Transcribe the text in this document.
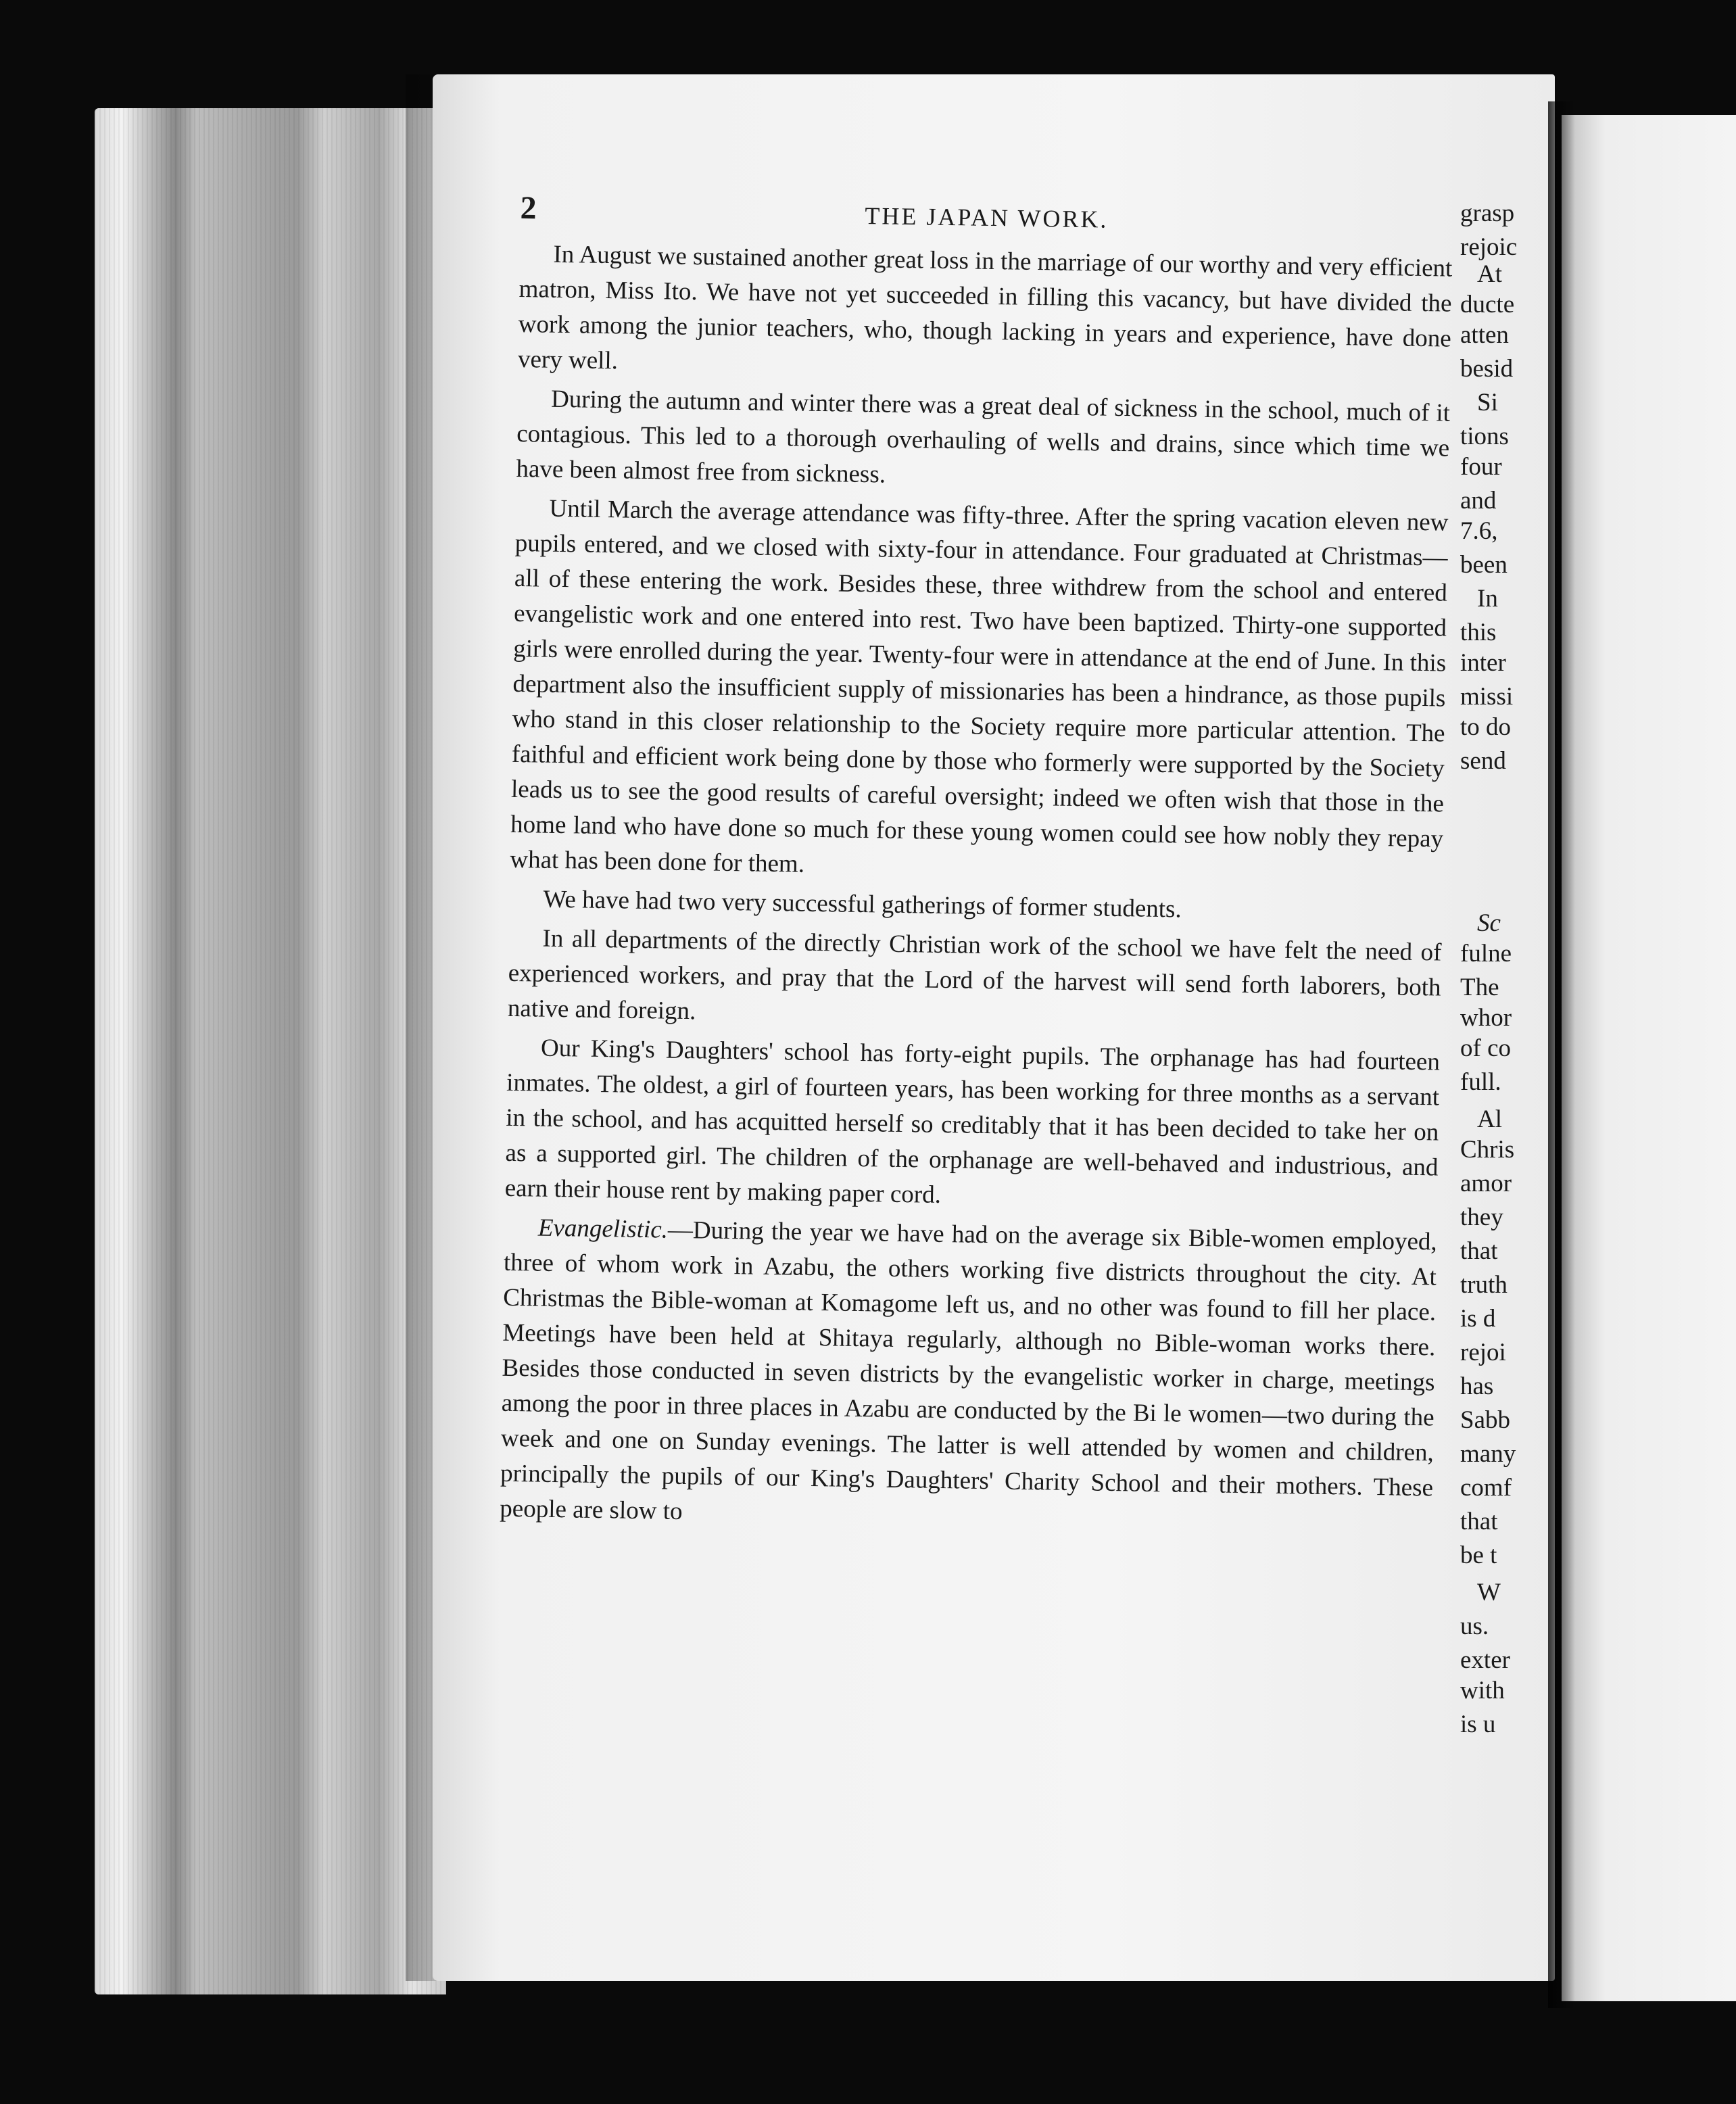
2	THE JAPAN WORK.

In August we sustained another great loss in the marriage of our worthy and very efficient matron, Miss Ito. We have not yet succeeded in filling this vacancy, but have divided the work among the junior teachers, who, though lacking in years and experience, have done very well.

During the autumn and winter there was a great deal of sickness in the school, much of it contagious. This led to a thorough overhauling of wells and drains, since which time we have been almost free from sickness.

Until March the average attendance was fifty-three. After the spring vacation eleven new pupils entered, and we closed with sixty-four in attendance. Four graduated at Christmas—all of these entering the work. Besides these, three withdrew from the school and entered evangelistic work and one entered into rest. Two have been baptized. Thirty-one supported girls were enrolled during the year. Twenty-four were in attendance at the end of June. In this department also the insufficient supply of missionaries has been a hindrance, as those pupils who stand in this closer relationship to the Society require more particular attention. The faithful and efficient work being done by those who formerly were supported by the Society leads us to see the good results of careful oversight; indeed we often wish that those in the home land who have done so much for these young women could see how nobly they repay what has been done for them.

We have had two very successful gatherings of former students.

In all departments of the directly Christian work of the school we have felt the need of experienced workers, and pray that the Lord of the harvest will send forth laborers, both native and foreign.

Our King's Daughters' school has forty-eight pupils. The orphanage has had fourteen inmates. The oldest, a girl of fourteen years, has been working for three months as a servant in the school, and has acquitted herself so creditably that it has been decided to take her on as a supported girl. The children of the orphanage are well-behaved and industrious, and earn their house rent by making paper cord.

Evangelistic.—During the year we have had on the average six Bible-women employed, three of whom work in Azabu, the others working five districts throughout the city. At Christmas the Bible-woman at Komagome left us, and no other was found to fill her place. Meetings have been held at Shitaya regularly, although no Bible-woman works there. Besides those conducted in seven districts by the evangelistic worker in charge, meetings among the poor in three places in Azabu are conducted by the Bi le women—two during the week and one on Sunday evenings. The latter is well attended by women and children, principally the pupils of our King's Daughters' Charity School and their mothers. These people are slow to

grasp
rejoic
At
ducte
atten
besid
Si
tions
four
and
7.6,
been
In
this
inter
missi
to do
send
Sc
fulne
The
whor
of co
full.
Al
Chris
amor
they
that
truth
is d
rejoi
has
Sabb
many
comf
that
be t
W
us.
exter
with
is u
